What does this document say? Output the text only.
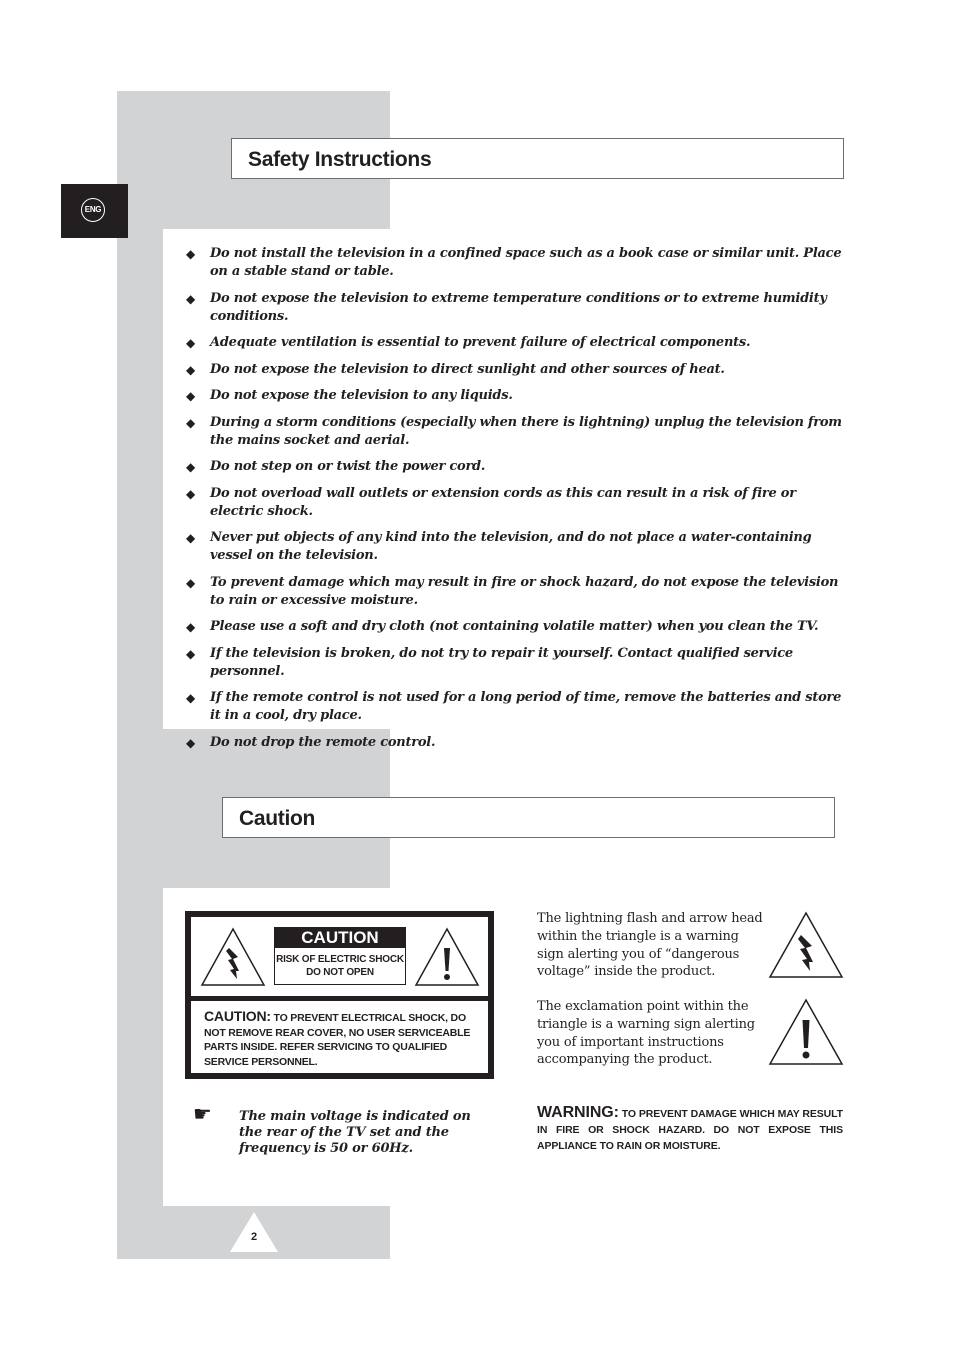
ENG
Safety Instructions
◆ Do not install the television in a confined space such as a book case or similar unit. Place on a stable stand or table.
◆ Do not expose the television to extreme temperature conditions or to extreme humidity conditions.
◆ Adequate ventilation is essential to prevent failure of electrical components.
◆ Do not expose the television to direct sunlight and other sources of heat.
◆ Do not expose the television to any liquids.
◆ During a storm conditions (especially when there is lightning) unplug the television from the mains socket and aerial.
◆ Do not step on or twist the power cord.
◆ Do not overload wall outlets or extension cords as this can result in a risk of fire or electric shock.
◆ Never put objects of any kind into the television, and do not place a water-containing vessel on the television.
◆ To prevent damage which may result in fire or shock hazard, do not expose the television to rain or excessive moisture.
◆ Please use a soft and dry cloth (not containing volatile matter) when you clean the TV.
◆ If the television is broken, do not try to repair it yourself. Contact qualified service personnel.
◆ If the remote control is not used for a long period of time, remove the batteries and store it in a cool, dry place.
◆ Do not drop the remote control.
Caution
CAUTION
RISK OF ELECTRIC SHOCK
DO NOT OPEN
CAUTION: TO PREVENT ELECTRICAL SHOCK, DO NOT REMOVE REAR COVER, NO USER SERVICEABLE PARTS INSIDE. REFER SERVICING TO QUALIFIED SERVICE PERSONNEL.
The lightning flash and arrow head within the triangle is a warning sign alerting you of “dangerous voltage” inside the product.
The exclamation point within the triangle is a warning sign alerting you of important instructions accompanying the product.
☛ The main voltage is indicated on the rear of the TV set and the frequency is 50 or 60Hz.
WARNING: TO PREVENT DAMAGE WHICH MAY RESULT IN FIRE OR SHOCK HAZARD. DO NOT EXPOSE THIS APPLIANCE TO RAIN OR MOISTURE.
2
